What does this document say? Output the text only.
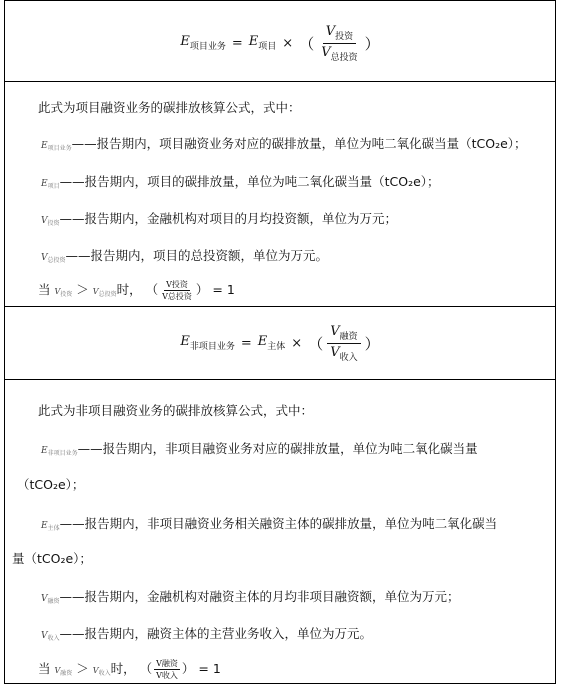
$E_{项目业务} = E_{项目}$ × （ $\frac{V_{投资}}{V_{总投资}}$ ）
此式为项目融资业务的碳排放核算公式，式中：
$E_{项目业务}——$报告期内，项目融资业务对应的碳排放量，单位为吨二氧化碳当量（tCO₂e）；
$E_{项目}——$报告期内，项目的碳排放量，单位为吨二氧化碳当量（tCO₂e）；
$V_{投资}——$报告期内，金融机构对项目的月均投资额，单位为万元；
$V_{总投资}——$报告期内，项目的总投资额，单位为万元。
当 $V_{投资} > V_{总投资}$时， （ $\frac{\text{V投资}}{\text{V总投资}}$ ） = 1
$E_{非项目业务} = E_{主体}$ × （ $\frac{V_{融资}}{V_{收入}}$ ）
此式为非项目融资业务的碳排放核算公式，式中：
$E_{非项目业务}——$报告期内，非项目融资业务对应的碳排放量，单位为吨二氧化碳当量
（tCO₂e）；
$E_{主体}——$报告期内，非项目融资业务相关融资主体的碳排放量，单位为吨二氧化碳当
量（tCO₂e）；
$V_{融资}——$报告期内，金融机构对融资主体的月均非项目融资额，单位为万元；
$V_{收入}——$报告期内，融资主体的主营业务收入，单位为万元。
当 $V_{融资} > V_{收入}$时， （ $\frac{\text{V融资}}{\text{V收入}}$ ） = 1
